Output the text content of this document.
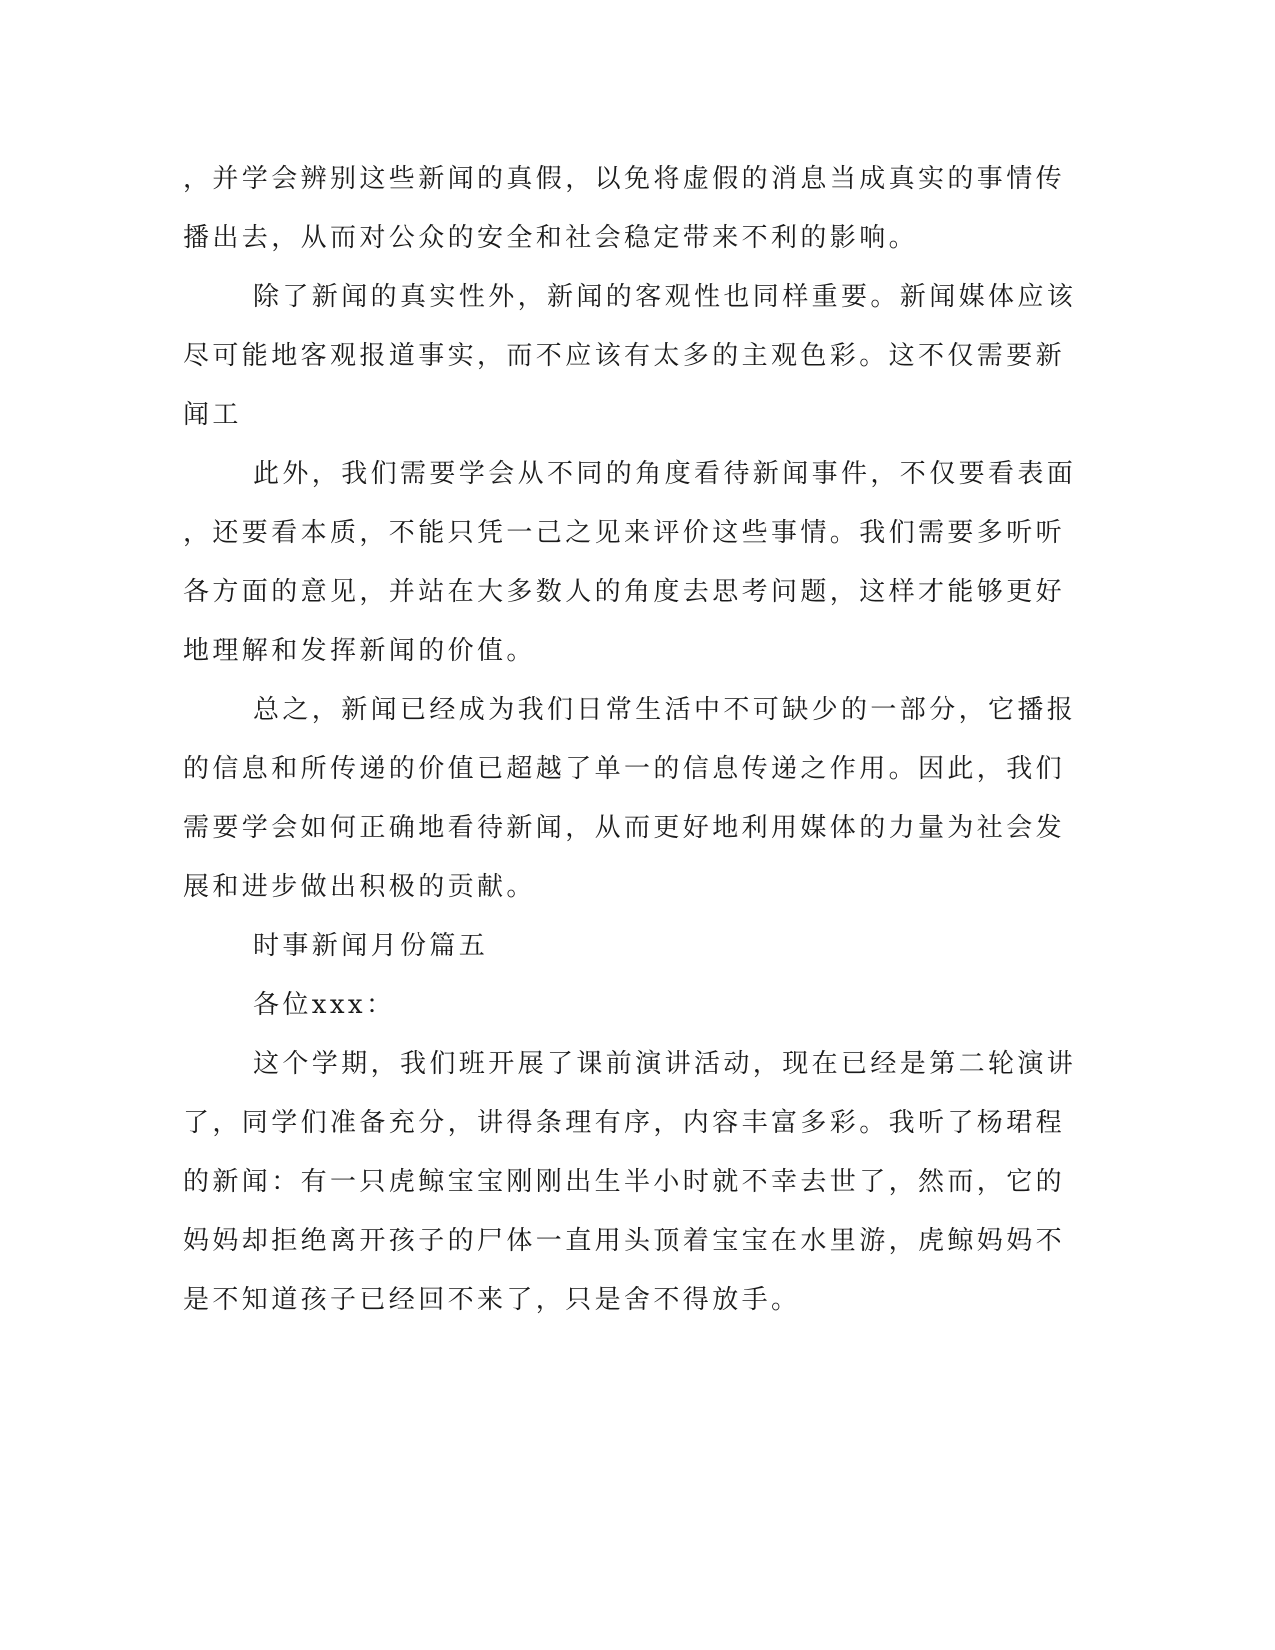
，并学会辨别这些新闻的真假，以免将虚假的消息当成真实的事情传
播出去，从而对公众的安全和社会稳定带来不利的影响。
除了新闻的真实性外，新闻的客观性也同样重要。新闻媒体应该
尽可能地客观报道事实，而不应该有太多的主观色彩。这不仅需要新
闻工
此外，我们需要学会从不同的角度看待新闻事件，不仅要看表面
，还要看本质，不能只凭一己之见来评价这些事情。我们需要多听听
各方面的意见，并站在大多数人的角度去思考问题，这样才能够更好
地理解和发挥新闻的价值。
总之，新闻已经成为我们日常生活中不可缺少的一部分，它播报
的信息和所传递的价值已超越了单一的信息传递之作用。因此，我们
需要学会如何正确地看待新闻，从而更好地利用媒体的力量为社会发
展和进步做出积极的贡献。
时事新闻月份篇五
各位xxx：
这个学期，我们班开展了课前演讲活动，现在已经是第二轮演讲
了，同学们准备充分，讲得条理有序，内容丰富多彩。我听了杨珺程
的新闻：有一只虎鲸宝宝刚刚出生半小时就不幸去世了，然而，它的
妈妈却拒绝离开孩子的尸体一直用头顶着宝宝在水里游，虎鲸妈妈不
是不知道孩子已经回不来了，只是舍不得放手。
